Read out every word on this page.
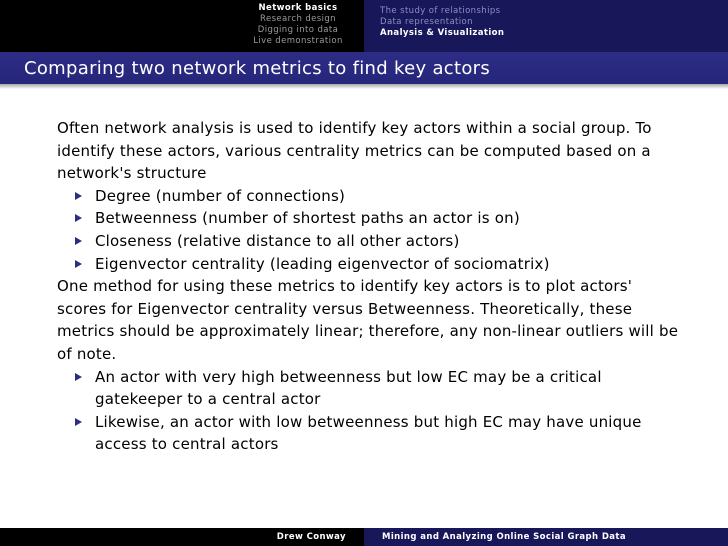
Network basics
Research design
Digging into data
Live demonstration
The study of relationships
Data representation
Analysis & Visualization
Comparing two network metrics to find key actors

Often network analysis is used to identify key actors within a social group. To identify these actors, various centrality metrics can be computed based on a network's structure

Degree (number of connections)
Betweenness (number of shortest paths an actor is on)
Closeness (relative distance to all other actors)
Eigenvector centrality (leading eigenvector of sociomatrix)

One method for using these metrics to identify key actors is to plot actors' scores for Eigenvector centrality versus Betweenness. Theoretically, these metrics should be approximately linear; therefore, any non-linear outliers will be of note.

An actor with very high betweenness but low EC may be a critical gatekeeper to a central actor
Likewise, an actor with low betweenness but high EC may have unique access to central actors
Drew Conway	Mining and Analyzing Online Social Graph Data
